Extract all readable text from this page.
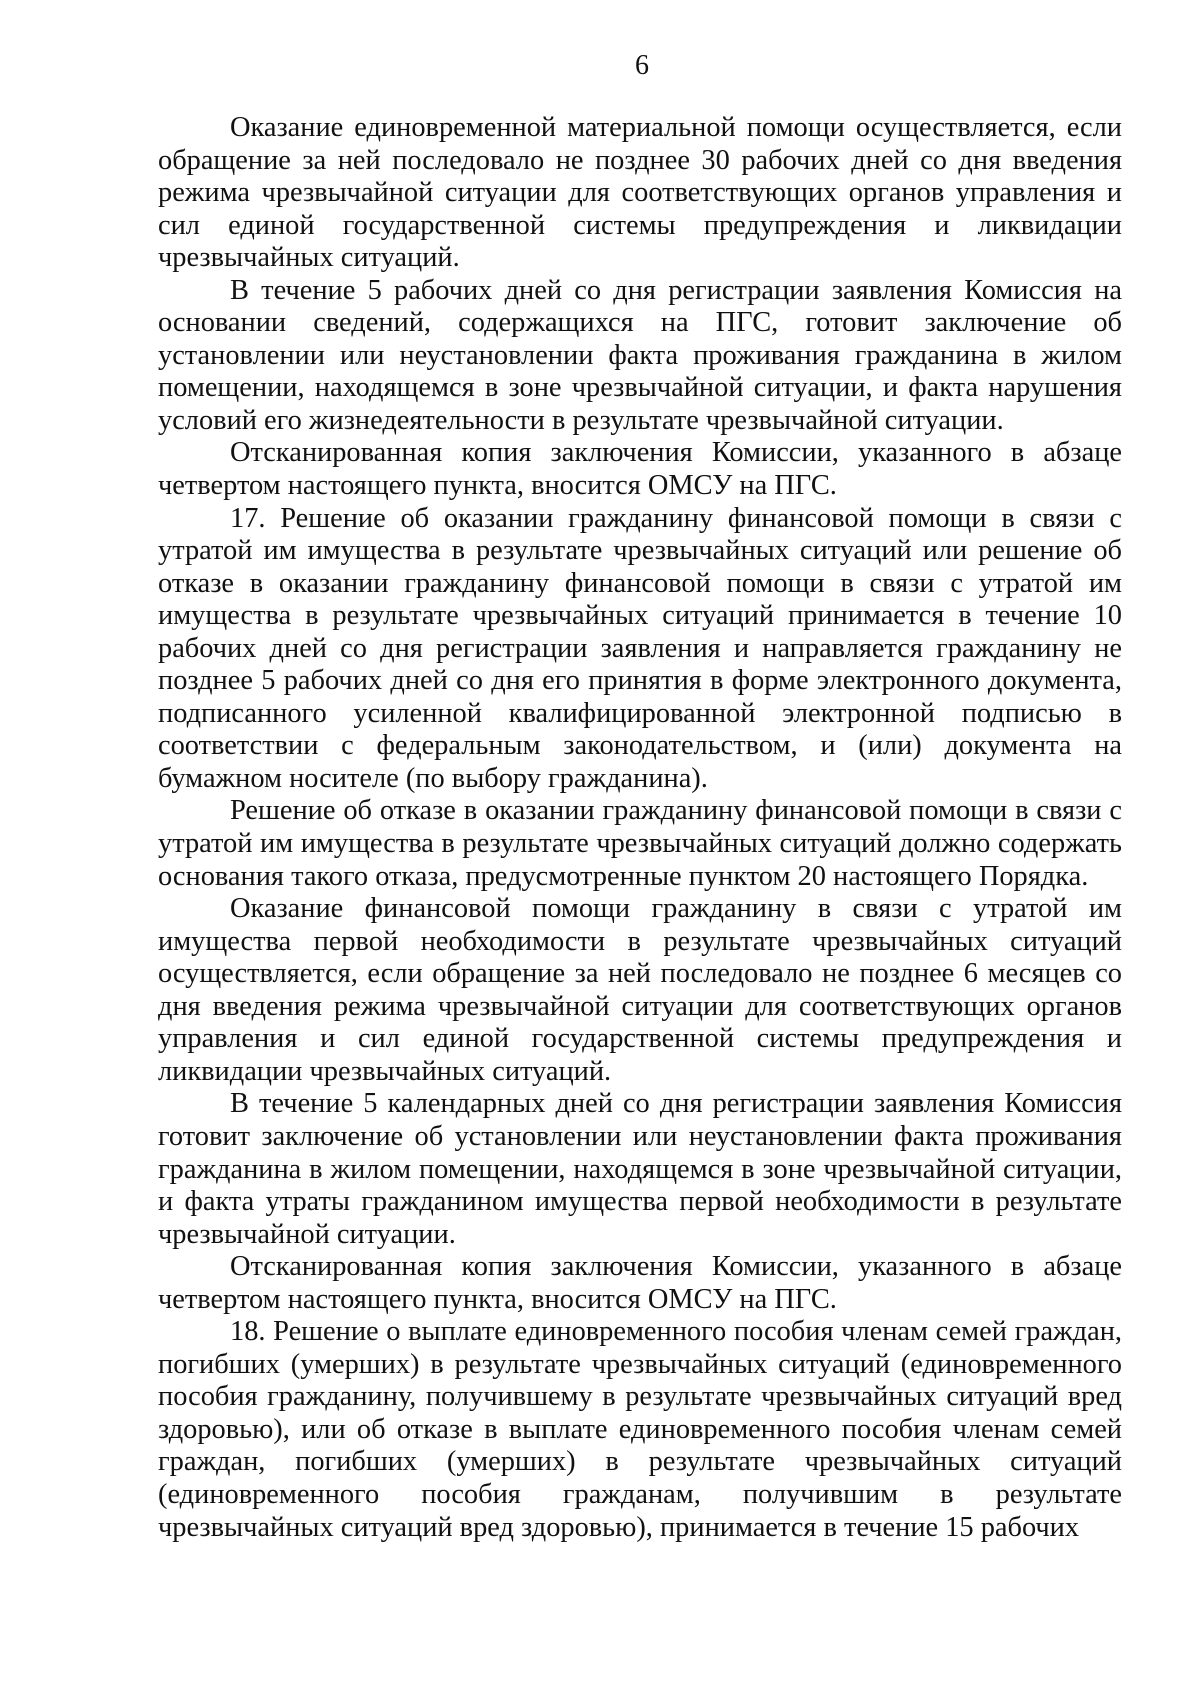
6

Оказание единовременной материальной помощи осуществляется, если обращение за ней последовало не позднее 30 рабочих дней со дня введения режима чрезвычайной ситуации для соответствующих органов управления и сил единой государственной системы предупреждения и ликвидации чрезвычайных ситуаций.

В течение 5 рабочих дней со дня регистрации заявления Комиссия на основании сведений, содержащихся на ПГС, готовит заключение об установлении или неустановлении факта проживания гражданина в жилом помещении, находящемся в зоне чрезвычайной ситуации, и факта нарушения условий его жизнедеятельности в результате чрезвычайной ситуации.

Отсканированная копия заключения Комиссии, указанного в абзаце четвертом настоящего пункта, вносится ОМСУ на ПГС.

17. Решение об оказании гражданину финансовой помощи в связи с утратой им имущества в результате чрезвычайных ситуаций или решение об отказе в оказании гражданину финансовой помощи в связи с утратой им имущества в результате чрезвычайных ситуаций принимается в течение 10 рабочих дней со дня регистрации заявления и направляется гражданину не позднее 5 рабочих дней со дня его принятия в форме электронного документа, подписанного усиленной квалифицированной электронной подписью в соответствии с федеральным законодательством, и (или) документа на бумажном носителе (по выбору гражданина).

Решение об отказе в оказании гражданину финансовой помощи в связи с утратой им имущества в результате чрезвычайных ситуаций должно содержать основания такого отказа, предусмотренные пунктом 20 настоящего Порядка.

Оказание финансовой помощи гражданину в связи с утратой им имущества первой необходимости в результате чрезвычайных ситуаций осуществляется, если обращение за ней последовало не позднее 6 месяцев со дня введения режима чрезвычайной ситуации для соответствующих органов управления и сил единой государственной системы предупреждения и ликвидации чрезвычайных ситуаций.

В течение 5 календарных дней со дня регистрации заявления Комиссия готовит заключение об установлении или неустановлении факта проживания гражданина в жилом помещении, находящемся в зоне чрезвычайной ситуации, и факта утраты гражданином имущества первой необходимости в результате чрезвычайной ситуации.

Отсканированная копия заключения Комиссии, указанного в абзаце четвертом настоящего пункта, вносится ОМСУ на ПГС.

18. Решение о выплате единовременного пособия членам семей граждан, погибших (умерших) в результате чрезвычайных ситуаций (единовременного пособия гражданину, получившему в результате чрезвычайных ситуаций вред здоровью), или об отказе в выплате единовременного пособия членам семей граждан, погибших (умерших) в результате чрезвычайных ситуаций (единовременного пособия гражданам, получившим в результате чрезвычайных ситуаций вред здоровью), принимается в течение 15 рабочих
